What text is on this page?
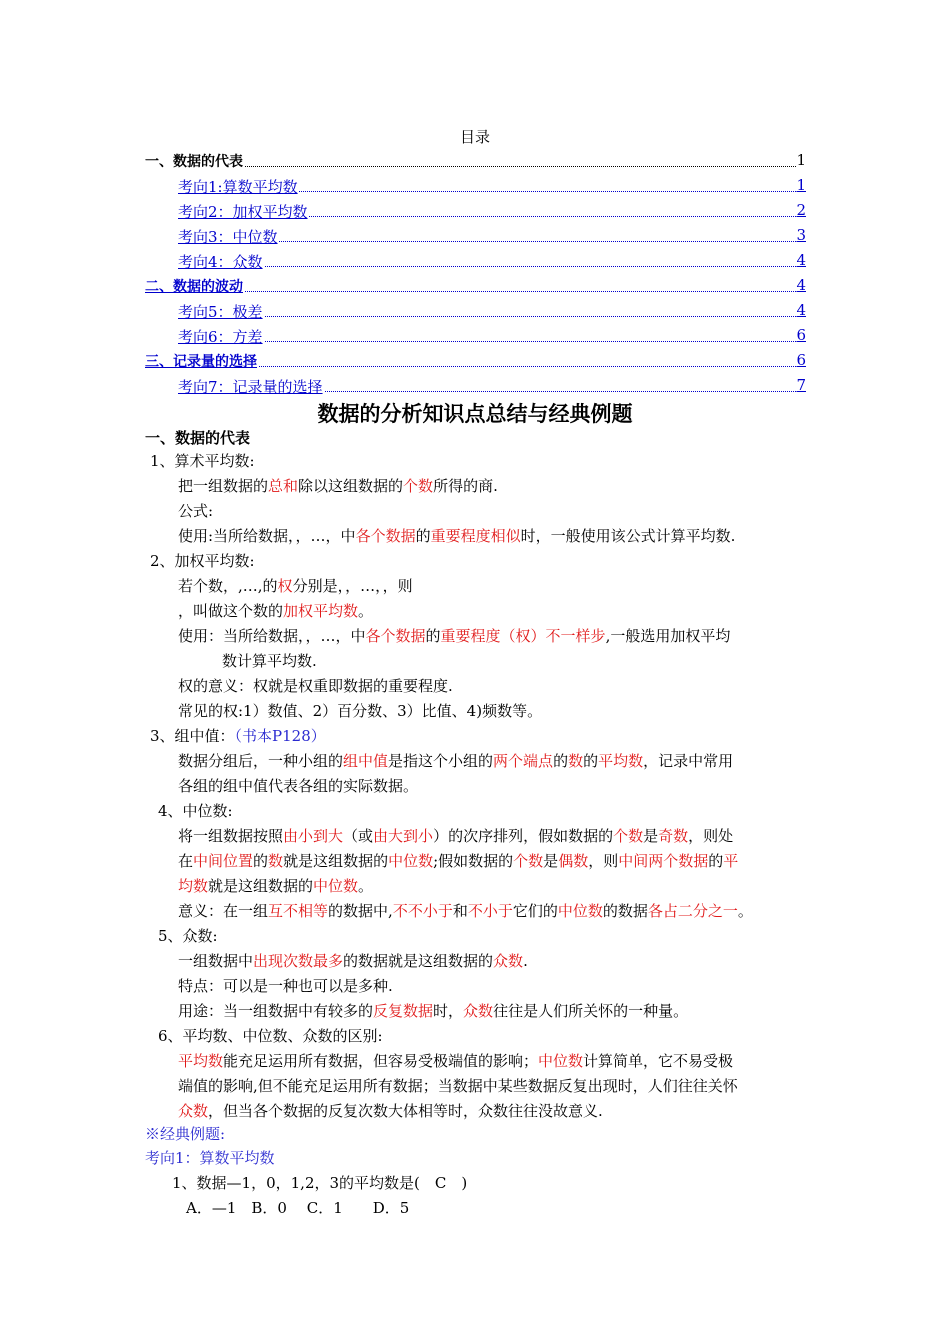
目录
一、数据的代表	1
考向1:算数平均数	1
考向2：加权平均数	2
考向3：中位数	3
考向4：众数	4
二、数据的波动	4
考向5：极差	4
考向6：方差	6
三、记录量的选择	6
考向7：记录量的选择	7
数据的分析知识点总结与经典例题
一、数据的代表
1、算术平均数:
把一组数据的总和除以这组数据的个数所得的商.
公式:
使用:当所给数据，，…，中各个数据的重要程度相似时，一般使用该公式计算平均数.
2、加权平均数:
若个数，,…,的权分别是，，…，，则
，叫做这个数的加权平均数。
使用：当所给数据，，…，中各个数据的重要程度（权）不一样步,一般选用加权平均
数计算平均数.
权的意义：权就是权重即数据的重要程度.
常见的权:1）数值、2）百分数、3）比值、4)频数等。
3、组中值：（书本P128）
数据分组后，一种小组的组中值是指这个小组的两个端点的数的平均数，记录中常用
各组的组中值代表各组的实际数据。
4、中位数:
将一组数据按照由小到大（或由大到小）的次序排列，假如数据的个数是奇数，则处
在中间位置的数就是这组数据的中位数;假如数据的个数是偶数，则中间两个数据的平
均数就是这组数据的中位数。
意义：在一组互不相等的数据中,不不小于和不小于它们的中位数的数据各占二分之一。
5、众数:
一组数据中出现次数最多的数据就是这组数据的众数.
特点：可以是一种也可以是多种.
用途：当一组数据中有较多的反复数据时，众数往往是人们所关怀的一种量。
6、平均数、中位数、众数的区别:
平均数能充足运用所有数据，但容易受极端值的影响；中位数计算简单，它不易受极
端值的影响,但不能充足运用所有数据；当数据中某些数据反复出现时，人们往往关怀
众数，但当各个数据的反复次数大体相等时，众数往往没故意义.
※经典例题:
考向1：算数平均数
1、数据—1，0，1,2，3的平均数是(　C　)
A．—1　B．0　 C．1　　D．5
